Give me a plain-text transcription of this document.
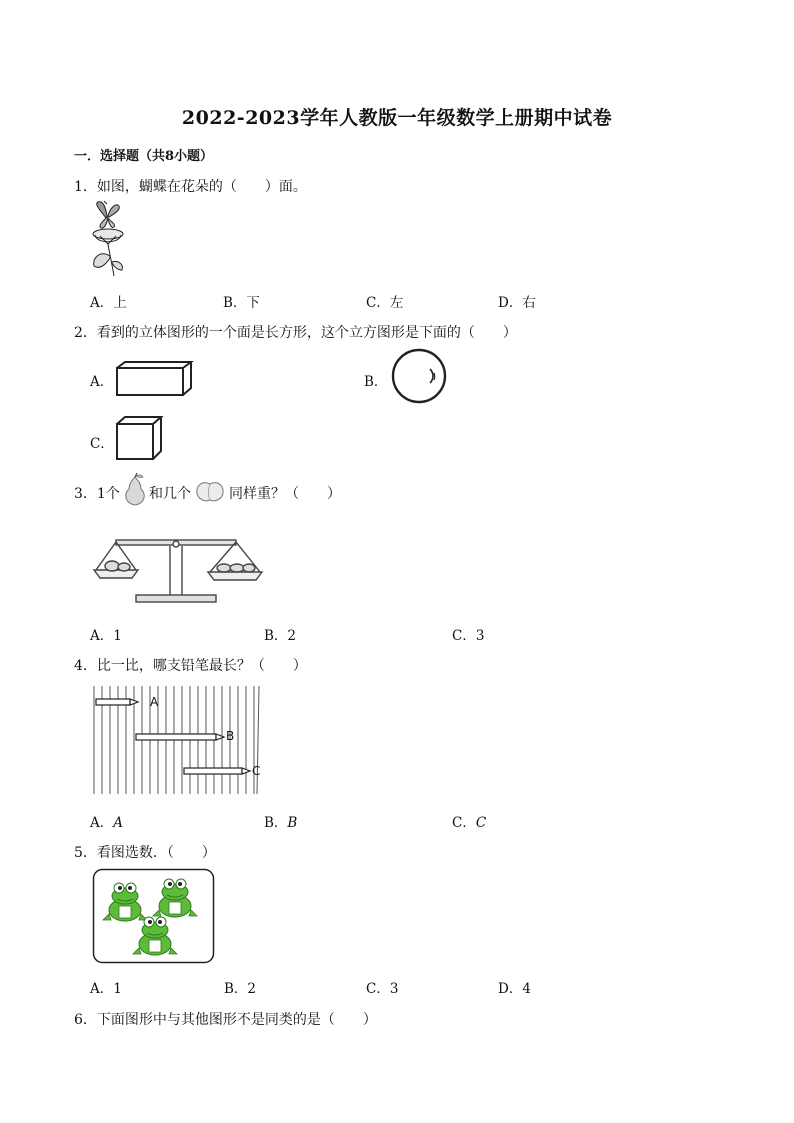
2022-2023学年人教版一年级数学上册期中试卷
一．选择题（共8小题）
1．如图，蝴蝶在花朵的（　　）面。
A．上	B．下	C．左	D．右
2．看到的立体图形的一个面是长方形，这个立方图形是下面的（　　）
A．	B．
C．
3．1个 和几个	同样重？（　　）
A．1	B．2	C．3
4．比一比，哪支铅笔最长？（　　）
A
B
C
A．A	B．B	C．C
5．看图选数．（　　）
A．1	B．2	C．3	D．4
6．下面图形中与其他图形不是同类的是（　　）
